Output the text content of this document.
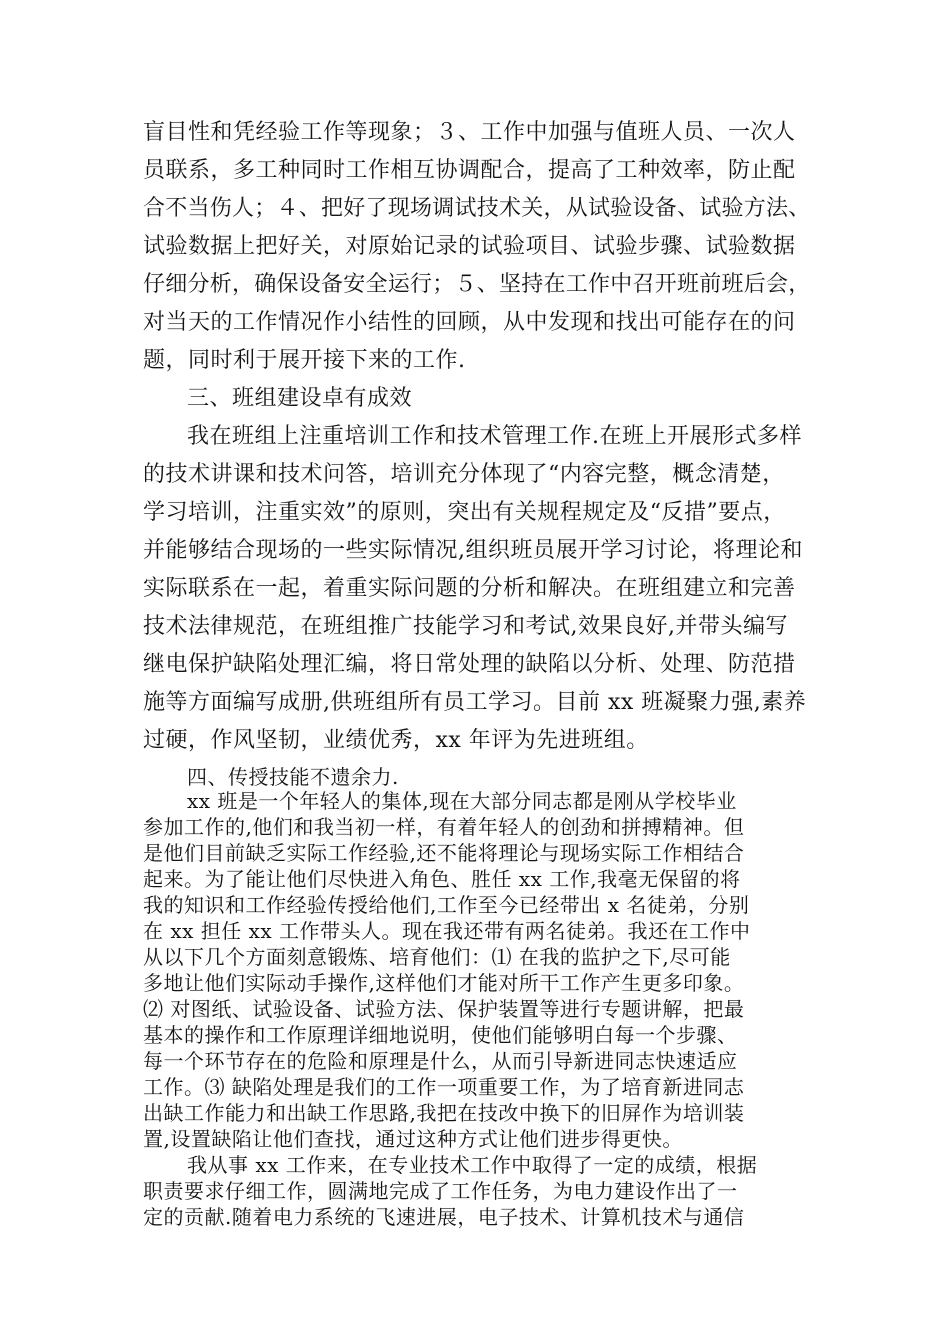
盲目性和凭经验工作等现象；３、工作中加强与值班人员、一次人

员联系，多工种同时工作相互协调配合，提高了工种效率，防止配

合不当伤人；４、把好了现场调试技术关，从试验设备、试验方法、

试验数据上把好关，对原始记录的试验项目、试验步骤、试验数据

仔细分析，确保设备安全运行；５、坚持在工作中召开班前班后会，

对当天的工作情况作小结性的回顾，从中发现和找出可能存在的问

题，同时利于展开接下来的工作.

三、班组建设卓有成效

我在班组上注重培训工作和技术管理工作.在班上开展形式多样

的技术讲课和技术问答，培训充分体现了“内容完整，概念清楚，

学习培训，注重实效”的原则，突出有关规程规定及“反措”要点，

并能够结合现场的一些实际情况,组织班员展开学习讨论，将理论和

实际联系在一起，着重实际问题的分析和解决。在班组建立和完善

技术法律规范，在班组推广技能学习和考试,效果良好,并带头编写

继电保护缺陷处理汇编，将日常处理的缺陷以分析、处理、防范措

施等方面编写成册,供班组所有员工学习。目前 xx 班凝聚力强,素养

过硬，作风坚韧，业绩优秀，xx 年评为先进班组。

四、传授技能不遗余力.

xx 班是一个年轻人的集体,现在大部分同志都是刚从学校毕业

参加工作的,他们和我当初一样，有着年轻人的创劲和拼搏精神。但

是他们目前缺乏实际工作经验,还不能将理论与现场实际工作相结合

起来。为了能让他们尽快进入角色、胜任 xx 工作,我毫无保留的将

我的知识和工作经验传授给他们,工作至今已经带出 x 名徒弟，分别

在 xx 担任 xx 工作带头人。现在我还带有两名徒弟。我还在工作中

从以下几个方面刻意锻炼、培育他们：⑴ 在我的监护之下,尽可能

多地让他们实际动手操作,这样他们才能对所干工作产生更多印象。

⑵ 对图纸、试验设备、试验方法、保护装置等进行专题讲解，把最

基本的操作和工作原理详细地说明，使他们能够明白每一个步骤、

每一个环节存在的危险和原理是什么，从而引导新进同志快速适应

工作。⑶ 缺陷处理是我们的工作一项重要工作，为了培育新进同志

出缺工作能力和出缺工作思路,我把在技改中换下的旧屏作为培训装

置,设置缺陷让他们查找，通过这种方式让他们进步得更快。

我从事 xx 工作来，在专业技术工作中取得了一定的成绩，根据

职责要求仔细工作，圆满地完成了工作任务，为电力建设作出了一

定的贡献.随着电力系统的飞速进展，电子技术、计算机技术与通信
